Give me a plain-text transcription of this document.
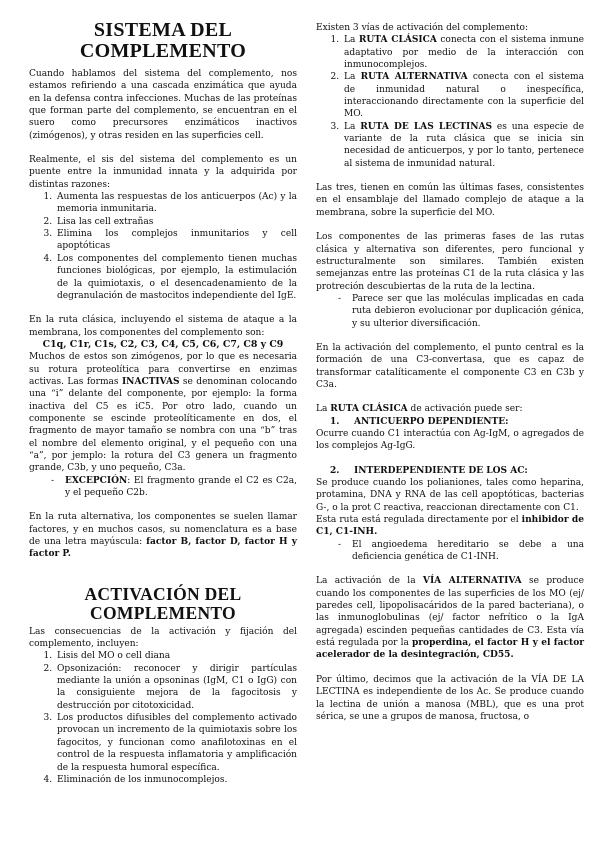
SISTEMA DEL COMPLEMENTO

Cuando hablamos del sistema del complemento, nos estamos refiriendo a una cascada enzimática que ayuda en la defensa contra infecciones. Muchas de las proteínas que forman parte del complemento, se encuentran en el suero como precursores enzimáticos inactivos (zimógenos), y otras residen en las superficies cell.

Realmente, el sis del sistema del complemento es un puente entre la inmunidad innata y la adquirida por distintas razones:

1. Aumenta las respuestas de los anticuerpos (Ac) y la memoria inmunitaria.
2. Lisa las cell extrañas
3. Elimina los complejos inmunitarios y cell apoptóticas
4. Los componentes del complemento tienen muchas funciones biológicas, por ejemplo, la estimulación de la quimiotaxis, o el desencadenamiento de la degranulación de mastocitos independiente del IgE.

En la ruta clásica, incluyendo el sistema de ataque a la membrana, los componentes del complemento son:

C1q, C1r, C1s, C2, C3, C4, C5, C6, C7, C8 y C9

Muchos de estos son zimógenos, por lo que es necesaria su rotura proteolítica para convertirse en enzimas activas. Las formas INACTIVAS se denominan colocando una “i” delante del componente, por ejemplo: la forma inactiva del C5 es iC5. Por otro lado, cuando un componente se escinde proteolíticamente en dos, el fragmento de mayor tamaño se nombra con una “b” tras el nombre del elemento original, y el pequeño con una “a”, por jemplo: la rotura del C3 genera un fragmento grande, C3b, y uno pequeño, C3a.

- EXCEPCIÓN: El fragmento grande el C2 es C2a, y el pequeño C2b.

En la ruta alternativa, los componentes se suelen llamar factores, y en muchos casos, su nomenclatura es a base de una letra mayúscula: factor B, factor D, factor H y factor P.

ACTIVACIÓN DEL COMPLEMENTO

Las consecuencias de la activación y fijación del complemento, incluyen:

1. Lisis del MO o cell diana
2. Opsonización: reconocer y dirigir partículas mediante la unión a opsoninas (IgM, C1 o IgG) con la consiguiente mejora de la fagocitosis y destrucción por citotoxicidad.
3. Los productos difusibles del complemento activado provocan un incremento de la quimiotaxis sobre los fagocitos, y funcionan como anafilotoxinas en el control de la respuesta inflamatoria y amplificación de la respuesta humoral específica.
4. Eliminación de los inmunocomplejos.

Existen 3 vías de activación del complemento:

1. La RUTA CLÁSICA conecta con el sistema inmune adaptativo por medio de la interacción con inmunocomplejos.
2. La RUTA ALTERNATIVA conecta con el sistema de inmunidad natural o inespecífica, interaccionando directamente con la superficie del MO.
3. La RUTA DE LAS LECTINAS es una especie de variante de la ruta clásica que se inicia sin necesidad de anticuerpos, y por lo tanto, pertenece al sistema de inmunidad natural.

Las tres, tienen en común las últimas fases, consistentes en el ensamblaje del llamado complejo de ataque a la membrana, sobre la superficie del MO.

Los componentes de las primeras fases de las rutas clásica y alternativa son diferentes, pero funcional y estructuralmente son similares. También existen semejanzas entre las proteínas C1 de la ruta clásica y las protreción descubiertas de la ruta de la lectina.

- Parece ser que las moléculas implicadas en cada ruta debieron evolucionar por duplicación génica, y su ulterior diversificación.

En la activación del complemento, el punto central es la formación de una C3-convertasa, que es capaz de transformar catalíticamente el componente C3 en C3b y C3a.

La RUTA CLÁSICA de activación puede ser:

1. ANTICUERPO DEPENDIENTE:

Ocurre cuando C1 interactúa con Ag-IgM, o agregados de los complejos Ag-IgG.

2. INTERDEPENDIENTE DE LOS AC:

Se produce cuando los polianiones, tales como heparina, protamina, DNA y RNA de las cell apoptóticas, bacterias G-, o la prot C reactiva, reaccionan directamente con C1.

Esta ruta está regulada directamente por el inhibidor de C1, C1-INH.

- El angioedema hereditario se debe a una deficiencia genética de C1-INH.

La activación de la VÍA ALTERNATIVA se produce cuando los componentes de las superficies de los MO (ej/ paredes cell, lipopolisacáridos de la pared bacteriana), o las inmunoglobulinas (ej/ factor nefrítico o la IgA agregada) escinden pequeñas cantidades de C3. Esta vía está regulada por la properdina, el factor H y el factor acelerador de la desintegración, CD55.

Por último, decimos que la activación de la VÍA DE LA LECTINA es independiente de los Ac. Se produce cuando la lectina de unión a manosa (MBL), que es una prot sérica, se une a grupos de manosa, fructosa, o
